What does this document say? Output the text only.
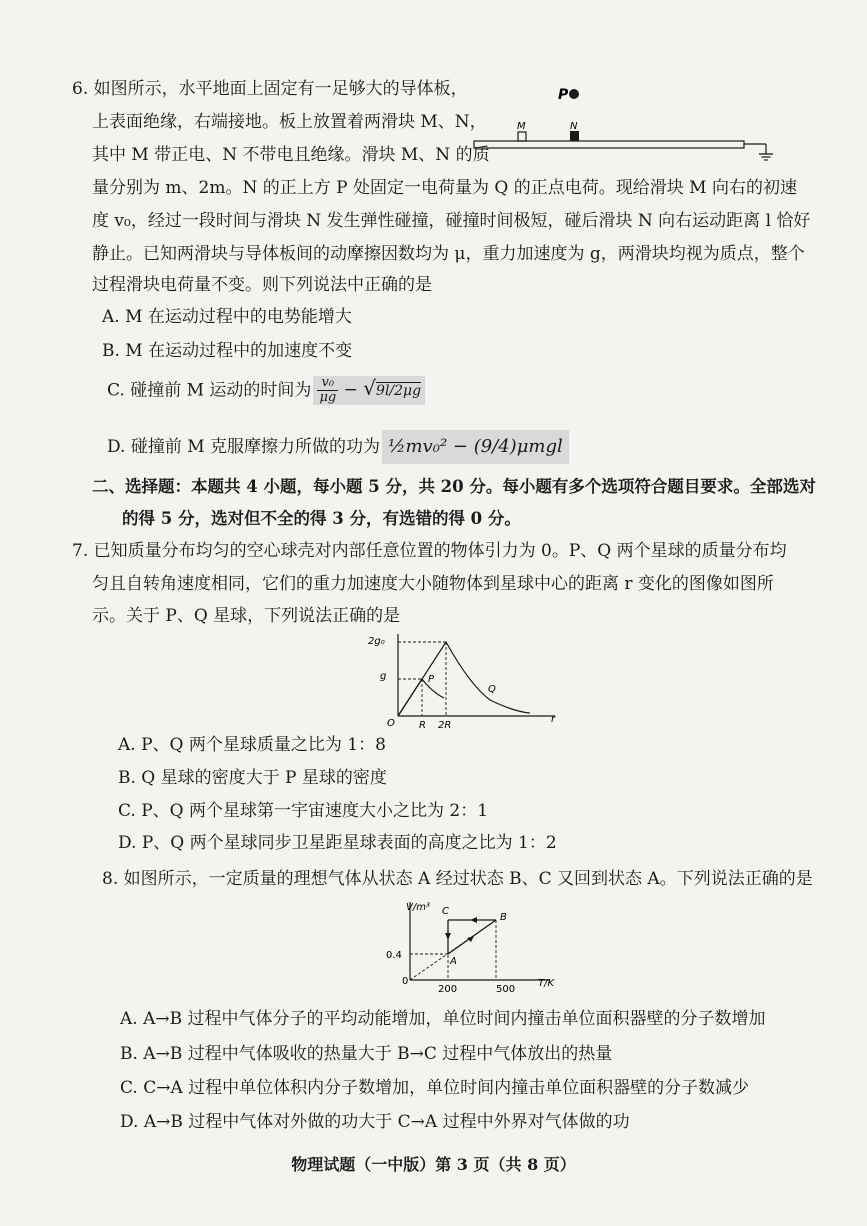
6. 如图所示，水平地面上固定有一足够大的导体板，
上表面绝缘，右端接地。板上放置着两滑块 M、N，
其中 M 带正电、N 不带电且绝缘。滑块 M、N 的质
量分别为 m、2m。N 的正上方 P 处固定一电荷量为 Q 的正点电荷。现给滑块 M 向右的初速
度 v₀，经过一段时间与滑块 N 发生弹性碰撞，碰撞时间极短，碰后滑块 N 向右运动距离 l 恰好
静止。已知两滑块与导体板间的动摩擦因数均为 μ，重力加速度为 g，两滑块均视为质点，整个
过程滑块电荷量不变。则下列说法中正确的是
P
M	N
A. M 在运动过程中的电势能增大
B. M 在运动过程中的加速度不变
C. 碰撞前 M 运动的时间为 $\frac{\text{v₀}}{\mu g} - √9l/2\mu g$
D. 碰撞前 M 克服摩擦力所做的功为 ½mv₀² − (9/4)μmgl
二、选择题：本题共 4 小题，每小题 5 分，共 20 分。每小题有多个选项符合题目要求。全部选对
的得 5 分，选对但不全的得 3 分，有选错的得 0 分。
7. 已知质量分布均匀的空心球壳对内部任意位置的物体引力为 0。P、Q 两个星球的质量分布均
匀且自转角速度相同，它们的重力加速度大小随物体到星球中心的距离 r 变化的图像如图所
示。关于 P、Q 星球，下列说法正确的是
2g₀
g
O R 2R
r
P
Q
A. P、Q 两个星球质量之比为 1：8
B. Q 星球的密度大于 P 星球的密度
C. P、Q 两个星球第一宇宙速度大小之比为 2：1
D. P、Q 两个星球同步卫星距星球表面的高度之比为 1：2
8. 如图所示，一定质量的理想气体从状态 A 经过状态 B、C 又回到状态 A。下列说法正确的是
V/m³
0.4
0
200	500
T/K
A
B
C
A. A→B 过程中气体分子的平均动能增加，单位时间内撞击单位面积器壁的分子数增加
B. A→B 过程中气体吸收的热量大于 B→C 过程中气体放出的热量
C. C→A 过程中单位体积内分子数增加，单位时间内撞击单位面积器壁的分子数减少
D. A→B 过程中气体对外做的功大于 C→A 过程中外界对气体做的功
物理试题（一中版）第 3 页（共 8 页）
